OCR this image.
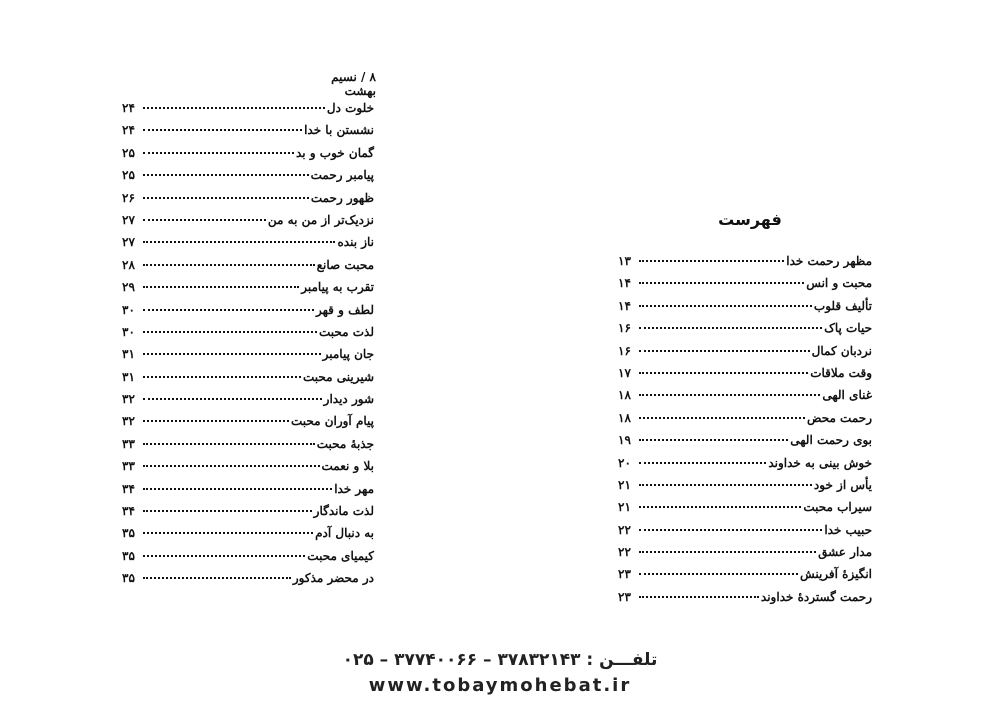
۸ / نسیم بهشت
خلوت دل
۲۴
نشستن با خدا
۲۴
گمان خوب و بد
۲۵
پیامبر رحمت
۲۵
ظهور رحمت
۲۶
نزدیک‌تر از من به من
۲۷
ناز بنده
۲۷
محبت صانع
۲۸
تقرب به پیامبر
۲۹
لطف و قهر
۳۰
لذت محبت
۳۰
جان پیامبر
۳۱
شیرینی محبت
۳۱
شور دیدار
۳۲
پیام آوران محبت
۳۲
جذبهٔ محبت
۳۳
بلا و نعمت
۳۳
مهر خدا
۳۴
لذت ماندگار
۳۴
به دنبال آدم
۳۵
کیمیای محبت
۳۵
در محضر مذکور
۳۵
فهرست
مظهر رحمت خدا
۱۳
محبت و انس
۱۴
تألیف قلوب
۱۴
حیات پاک
۱۶
نردبان کمال
۱۶
وقت ملاقات
۱۷
غنای الهی
۱۸
رحمت محض
۱۸
بوی رحمت الهی
۱۹
خوش بینی به خداوند
۲۰
یأس از خود
۲۱
سیراب محبت
۲۱
حبیب خدا
۲۲
مدار عشق
۲۲
انگیزهٔ آفرینش
۲۳
رحمت گستردهٔ خداوند
۲۳
تلفـــن : ۳۷۸۳۲۱۴۳ – ۳۷۷۴۰۰۶۶ – ۰۲۵
www.tobaymohebat.ir
